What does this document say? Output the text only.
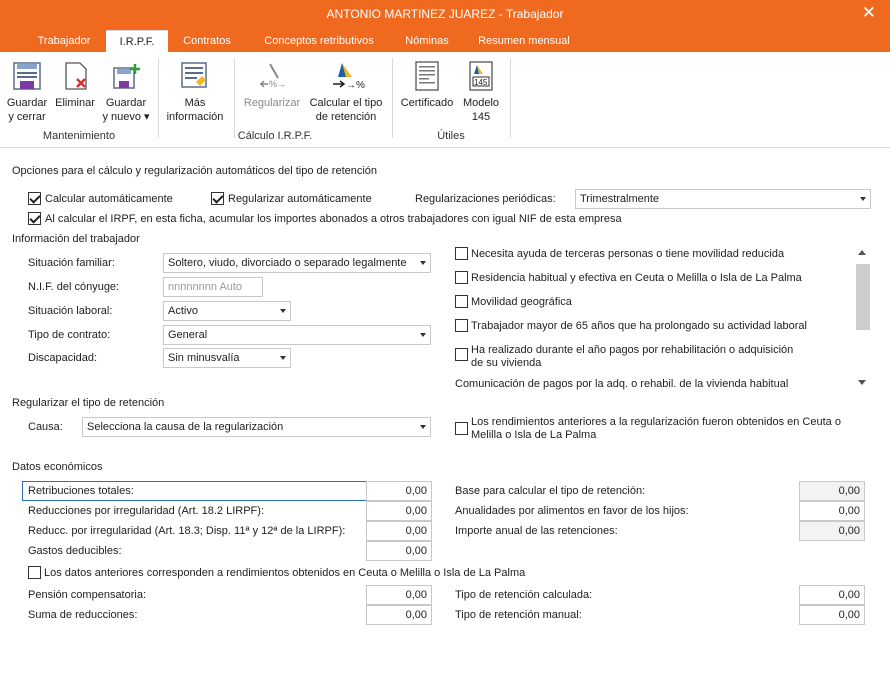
ANTONIO MARTINEZ JUAREZ - Trabajador	✕
Trabajador	I.R.P.F.	Contratos	Conceptos retributivos	Nóminas	Resumen mensual
Guardar
y cerrar
Eliminar Guardar
y nuevo ▾
Más
información
%→
Regularizar
→%
Calcular el tipo
de retención
Certificado
145
Modelo
145
Mantenimiento	Cálculo I.R.P.F.	Útiles
Opciones para el cálculo y regularización automáticos del tipo de retención
Calcular automáticamente	Regularizar automáticamente	Regularizaciones periódicas: Trimestralmente
Al calcular el IRPF, en esta ficha, acumular los importes abonados a otros trabajadores con igual NIF de esta empresa
Información del trabajador
Situación familiar:	Soltero, viudo, divorciado o separado legalmente
N.I.F. del cónyuge:	nnnnnnnn Auto
Situación laboral:	Activo
Tipo de contrato:	General
Discapacidad:	Sin minusvalía
Necesita ayuda de terceras personas o tiene movilidad reducida
Residencia habitual y efectiva en Ceuta o Melilla o Isla de La Palma
Movilidad geográfica
Trabajador mayor de 65 años que ha prolongado su actividad laboral
Ha realizado durante el año pagos por rehabilitación o adquisición
de su vivienda
Comunicación de pagos por la adq. o rehabil. de la vivienda habitual
Regularizar el tipo de retención
Causa: Selecciona la causa de la regularización	Los rendimientos anteriores a la regularización fueron obtenidos en Ceuta o
Melilla o Isla de La Palma
Datos económicos
Retribuciones totales:	0,00
Reducciones por irregularidad (Art. 18.2 LIRPF):	0,00
Reducc. por irregularidad (Art. 18.3; Disp. 11ª y 12ª de la LIRPF):	0,00
Gastos deducibles:	0,00
Los datos anteriores corresponden a rendimientos obtenidos en Ceuta o Melilla o Isla de La Palma
Pensión compensatoria:	0,00
Suma de reducciones:	0,00
Base para calcular el tipo de retención:	0,00
Anualidades por alimentos en favor de los hijos:	0,00
Importe anual de las retenciones:	0,00
Tipo de retención calculada:	0,00
Tipo de retención manual:	0,00
